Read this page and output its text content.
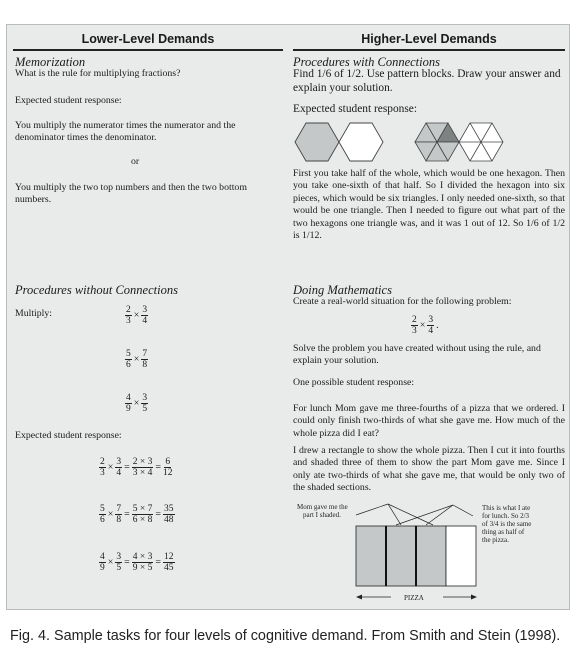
Lower-Level Demands
Memorization
What is the rule for multiplying fractions?
Expected student response:
You multiply the numerator times the numerator and the denominator times the denominator.
or
You multiply the two top numbers and then the two bottom numbers.
Procedures without Connections
Multiply:	$\frac{2}{3} \times \frac{3}{4}$
$\frac{5}{6} \times \frac{7}{8}$
$\frac{4}{9} \times \frac{3}{5}$
Expected student response:
$\frac{2}{3} \times \frac{3}{4} = \frac{2 \times 3}{3 \times 4} = \frac{6}{12}$
$\frac{5}{6} \times \frac{7}{8} = \frac{5 \times 7}{6 \times 8} = \frac{35}{48}$
$\frac{4}{9} \times \frac{3}{5} = \frac{4 \times 3}{9 \times 5} = \frac{12}{45}$
Higher-Level Demands
Procedures with Connections
Find 1/6 of 1/2. Use pattern blocks. Draw your answer and explain your solution.
Expected student response:
First you take half of the whole, which would be one hexagon. Then you take one-sixth of that half. So I divided the hexagon into six pieces, which would be six triangles. I only needed one-sixth, so that would be one triangle. Then I needed to figure out what part of the two hexagons one triangle was, and it was 1 out of 12. So 1/6 of 1/2 is 1/12.
Doing Mathematics
Create a real-world situation for the following problem:
$\frac{2}{3} \times \frac{3}{4}$ .
Solve the problem you have created without using the rule, and explain your solution.
One possible student response:
For lunch Mom gave me three-fourths of a pizza that we ordered. I could only finish two-thirds of what she gave me. How much of the whole pizza did I eat?
I drew a rectangle to show the whole pizza. Then I cut it into fourths and shaded three of them to show the part Mom gave me. Since I only ate two-thirds of what she gave me, that would be only two of the shaded sections.
Mom gave me the
part I shaded.
This is what I ate
for lunch. So 2/3
of 3/4 is the same
thing as half of
the pizza.
PIZZA
Fig. 4. Sample tasks for four levels of cognitive demand. From Smith and Stein (1998).
